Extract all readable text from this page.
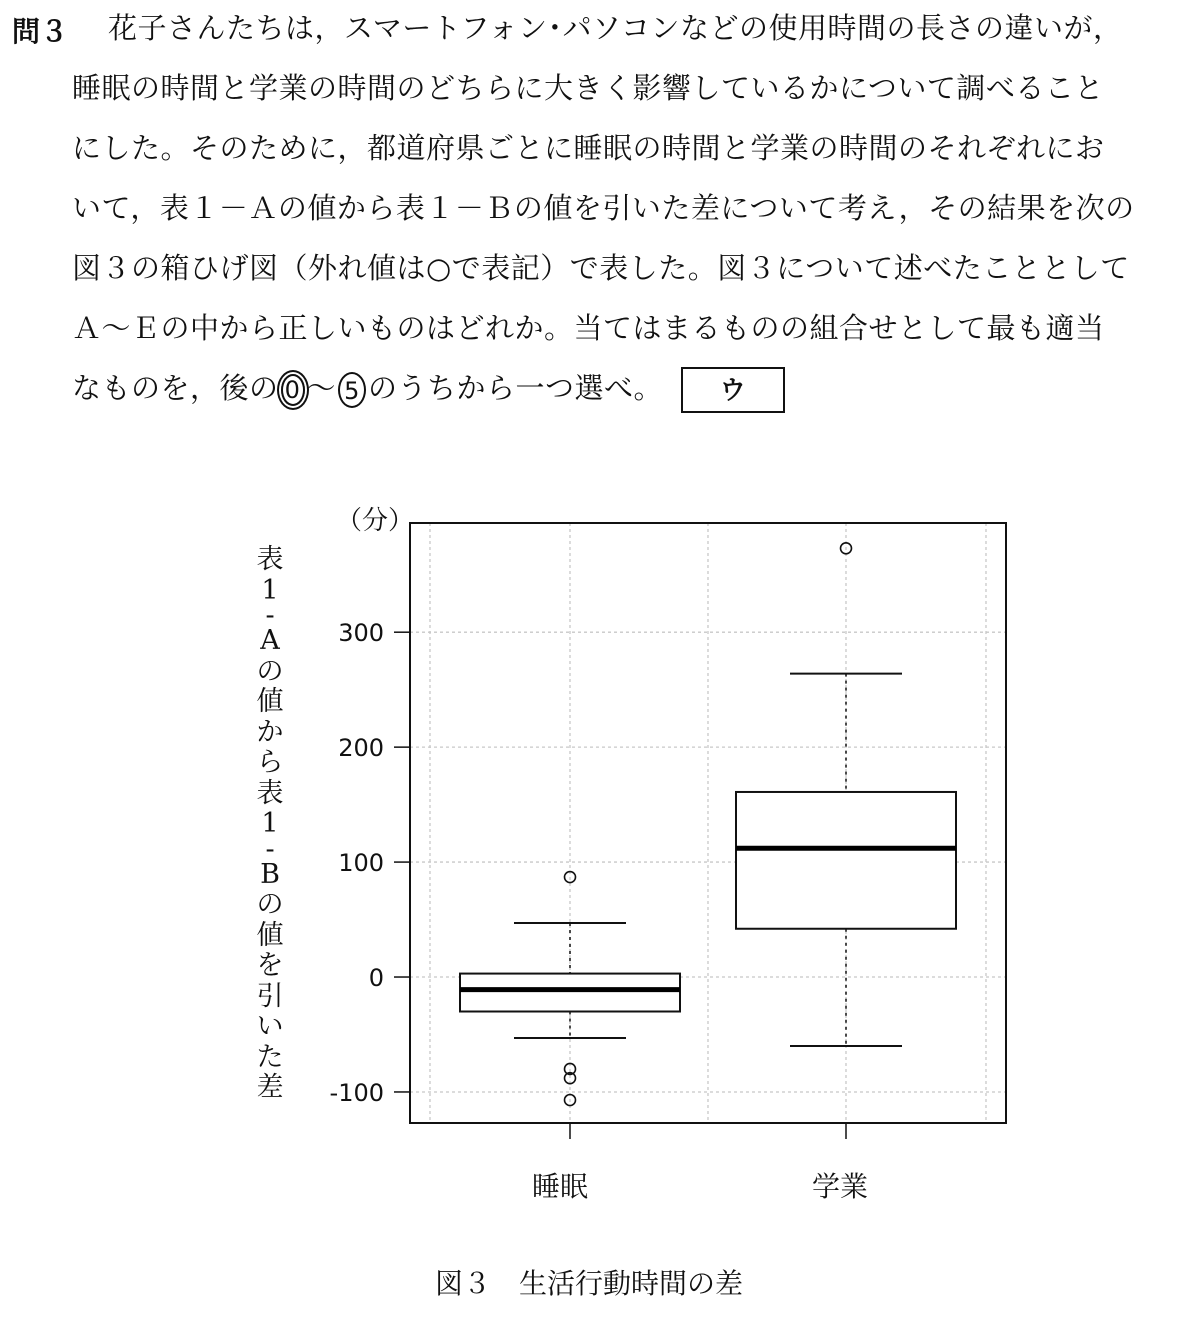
問３ 花子さんたちは，スマートフォン･パソコンなどの使用時間の長さの違いが，
睡眠の時間と学業の時間のどちらに大きく影響しているかについて調べること
にした。そのために，都道府県ごとに睡眠の時間と学業の時間のそれぞれにお
いて，表１－Ａの値から表１－Ｂの値を引いた差について考え，その結果を次の
図３の箱ひげ図（外れ値は○で表記）で表した。図３について述べたこととして
Ａ～Ｅの中から正しいものはどれか。当てはまるものの組合せとして最も適当
なものを，後の 0 ～ 5 のうちから一つ選べ。 ウ
（分）
表
1
-
A
の
値
か
ら
表
1
-
B
の
値
を
引
い
た
差
300
200
100
0
-100
睡眠	学業
図３　生活行動時間の差
